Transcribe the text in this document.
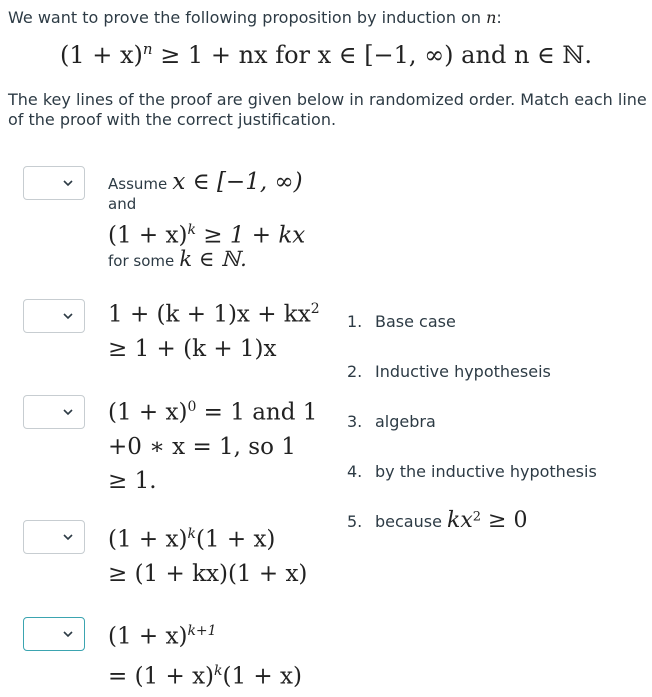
We want to prove the following proposition by induction on n:
$(1 + x)^n \ge 1$ + nx for x ∈ [−1, ∞) and n ∈ ℕ.
The key lines of the proof are given below in randomized order. Match each line of the proof with the correct justification.
Assume x ∈ [−1, ∞)
and
$(1 + x)^k \ge 1$ + kx
for some k ∈ ℕ.
$1 + (k + 1)x + kx^2$
≥ 1 + (k + 1)x
$(1 + x)^0 = 1$ and 1
+0 ∗ x = 1, so 1
≥ 1.
$(1 + x)^k(1 + x)$
≥ (1 + kx)(1 + x)
$(1 + x)^{k+1}$
= $(1 + x)^k(1 + x)$
1. Base case
2. Inductive hypotheseis
3. algebra
4. by the inductive hypothesis
5. because $kx^2 \ge 0$
